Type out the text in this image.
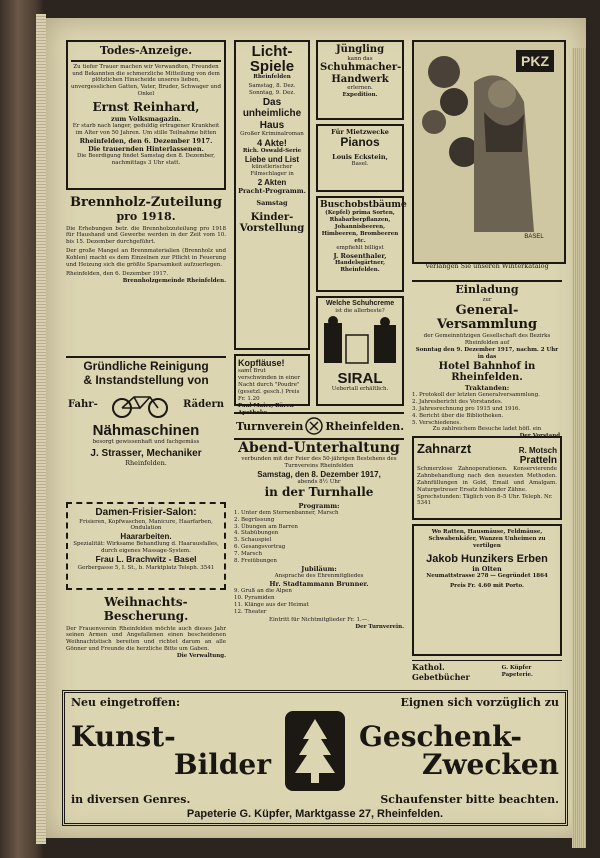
Todes-Anzeige.

Zu tiefer Trauer machen wir Verwandten, Freunden und Bekannten die schmerzliche Mitteilung von dem plötzlichen Hinscheide unseres lieben, unvergesslichen Gatten, Vater, Bruder, Schwager und Onkel

Ernst Reinhard,

zum Volksmagazin.

Er starb nach langer, geduldig ertragener Krankheit im Alter von 50 Jahren. Um stille Teilnahme bitten

Rheinfelden, den 6. Dezember 1917.

Die trauernden Hinterlassenen.

Die Beerdigung findet Samstag den 8. Dezember, nachmittags 3 Uhr statt.

Brennholz-Zuteilung

pro 1918.

Die Erhebungen betr. die Brennholzzuteilung pro 1918 für Haushand und Gewerbe werden in der Zeit vom 10. bis 15. Dezember durchgeführt.

Der große Mangel an Brennmaterialien (Brennholz und Kohlen) macht es dem Einzelnen zur Pflicht in Feuerung und Heizung sich die größte Sparsamkeit aufzuerlegen.

Rheinfelden, den 6. Dezember 1917.

Brennholzgemeinde Rheinfelden.

Gründliche Reinigung

& Instandstellung von

Fahr-	Rädern

Nähmaschinen

besorgt gewissenhaft und fachgemäss

J. Strasser, Mechaniker

Rheinfelden.

Damen-Frisier-Salon:

Frisieren, Kopfwaschen, Manicure, Haarfarben, Ondulation

Haararbeiten.

Spezialität: Wirksame Behandlung d. Haarausfalles, durch eigenes Massage-System.

Frau L. Brachwitz - Basel

Gerbergasse 5, I. St., b. Marktplatz Teleph. 3541

Weihnachts-Bescherung.

Der Frauenverein Rheinfelden möchte auch dieses Jahr seinen Armen und Angefallenen einen bescheidenen Weihnachtstisch bereiten und richtet darum an alle Gönner und Freunde die herzliche Bitte um Gaben.

Die Verwaltung.

Licht-Spiele

Rheinfelden

Samstag, 8. Dez. Sonntag, 9. Dez.

Das

unheimliche

Haus

Großer Kriminalroman

4 Akte!

Rich. Oswald-Serie

Liebe und List

künstlerischer Filmschlager in

2 Akten

Pracht-Programm.

Samstag

Kinder-

Vorstellung

Kopfläuse!

samt Brut verschwinden in einer Nacht durch "Poudre" (gesetzl. gesch.) Preis Fr. 1.20

Paul Maier, Bären Apotheke

Jüngling

kann das

Schuhmacher-

Handwerk

erlernen.

Expedition.

Für Mietzwecke

Pianos

Louis Eckstein,

Basel.

Buschobstbäume

(Kepfel) prima Sorten, Rhabarberpflanzen, Johannisbeeren, Himbeeren, Brombeeren etc.

empfiehlt billigst

J. Rosenthaler,

Handelsgärtner,

Rheinfelden.

Welche Schuhcreme

ist die allerbeste?

SIRAL

Uebertall erhältlich.

Turnverein Rheinfelden.

Abend-Unterhaltung

verbunden mit der Feier des 50-jährigen Bestehens des Turnvereins Rheinfelden

Samstag, den 8. Dezember 1917,

abends 8½ Uhr

in der Turnhalle

Programm:

1. Unter dem Sternenbanner, Marsch

2. Begrüssung

3. Übungen am Barren

4. Stabübungen

5. Schauspiel

6. Gesangsvortrag

7. Marsch

8. Freiübungen

Jubiläum:

Ansprache des Ehrenmitgliedes

Hr. Stadtammann Brunner.

9. Gruß an die Alpen

10. Pyramiden

11. Klänge aus der Heimat

12. Theater

Eintritt für Nichtmitglieder Fr. 1.—.

Der Turnverein.

PKZ
BASEL

Verlangen Sie unseren Winterkatalog

Einladung

zur

General-Versammlung

der Gemeinnützigen Gesellschaft des Bezirks Rheinfelden auf

Sonntag den 9. Dezember 1917, nachm. 2 Uhr in das

Hotel Bahnhof in Rheinfelden.

Traktanden:

1. Protokoll der letzten Generalversammlung.

2. Jahresbericht des Vorstandes.

3. Jahresrechnung pro 1915 und 1916.

4. Bericht über die Bibliotheken.

5. Verschiedenes.

Zu zahlreichem Besuche ladet höfl. ein

Der Vorstand.

Zahnarzt	R. Motsch
Pratteln

Schmerzlose Zahnoperationen. Konservierende Zahnbehandlung nach den neuesten Methoden. Zahnfüllungen in Gold, Email und Amalgam. Naturgetreuer Ersatz fehlender Zähne.

Sprechstunden: Täglich von 8–5 Uhr. Teleph. Nr. 5341

Wo Ratten, Hausmäuse, Feldmäuse, Schwabenkäfer, Wanzen Unheimen zu vertilgen

Jakob Hunzikers Erben

in Olten

Neumattstrasse 278 — Gegründet 1864

Preis Fr. 4.60 mit Porto.

Kathol. Gebetbücher
G. Küpfer Papeterie.
Neu eingetroffen:	Eignen sich vorzüglich zu

Kunst-

Bilder

Geschenk-

Zwecken

in diversen Genres.	Schaufenster bitte beachten.

Papeterie G. Küpfer, Marktgasse 27, Rheinfelden.
